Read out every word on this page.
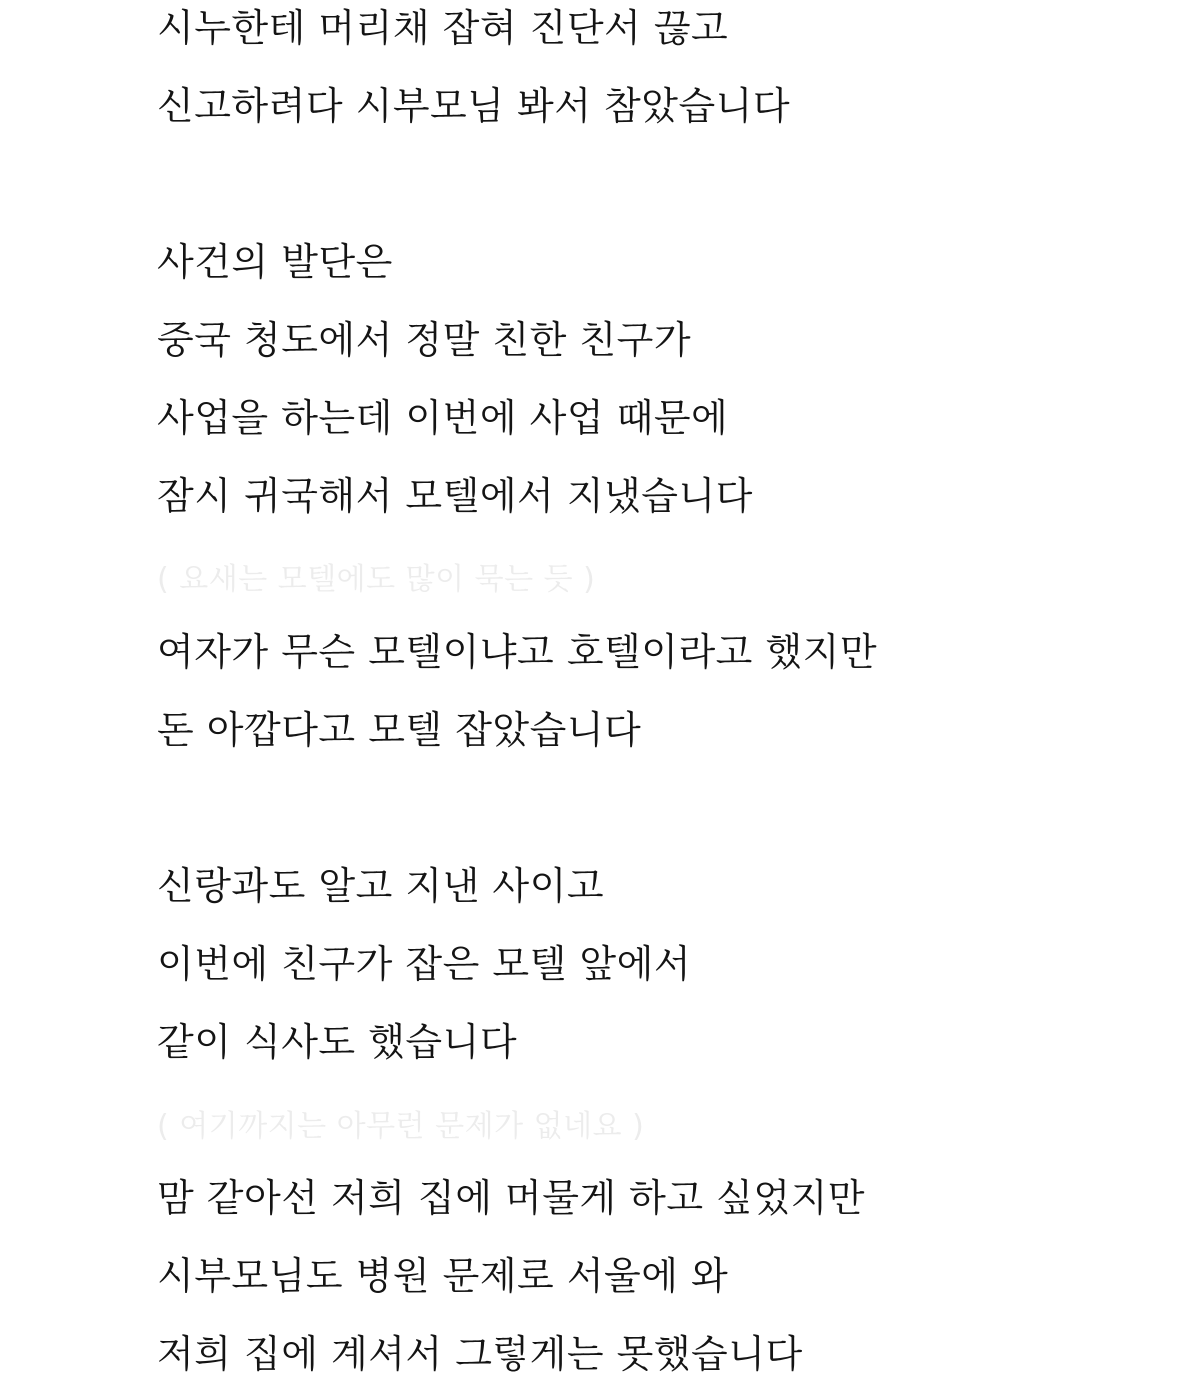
시누한테 머리채 잡혀 진단서 끊고
신고하려다 시부모님 봐서 참았습니다
사건의 발단은
중국 청도에서 정말 친한 친구가
사업을 하는데 이번에 사업 때문에
잠시 귀국해서 모텔에서 지냈습니다
( 요새는 모텔에도 많이 묵는 듯 )
여자가 무슨 모텔이냐고 호텔이라고 했지만
돈 아깝다고 모텔 잡았습니다
신랑과도 알고 지낸 사이고
이번에 친구가 잡은 모텔 앞에서
같이 식사도 했습니다
( 여기까지는 아무런 문제가 없네요 )
맘 같아선 저희 집에 머물게 하고 싶었지만
시부모님도 병원 문제로 서울에 와
저희 집에 계셔서 그렇게는 못했습니다
